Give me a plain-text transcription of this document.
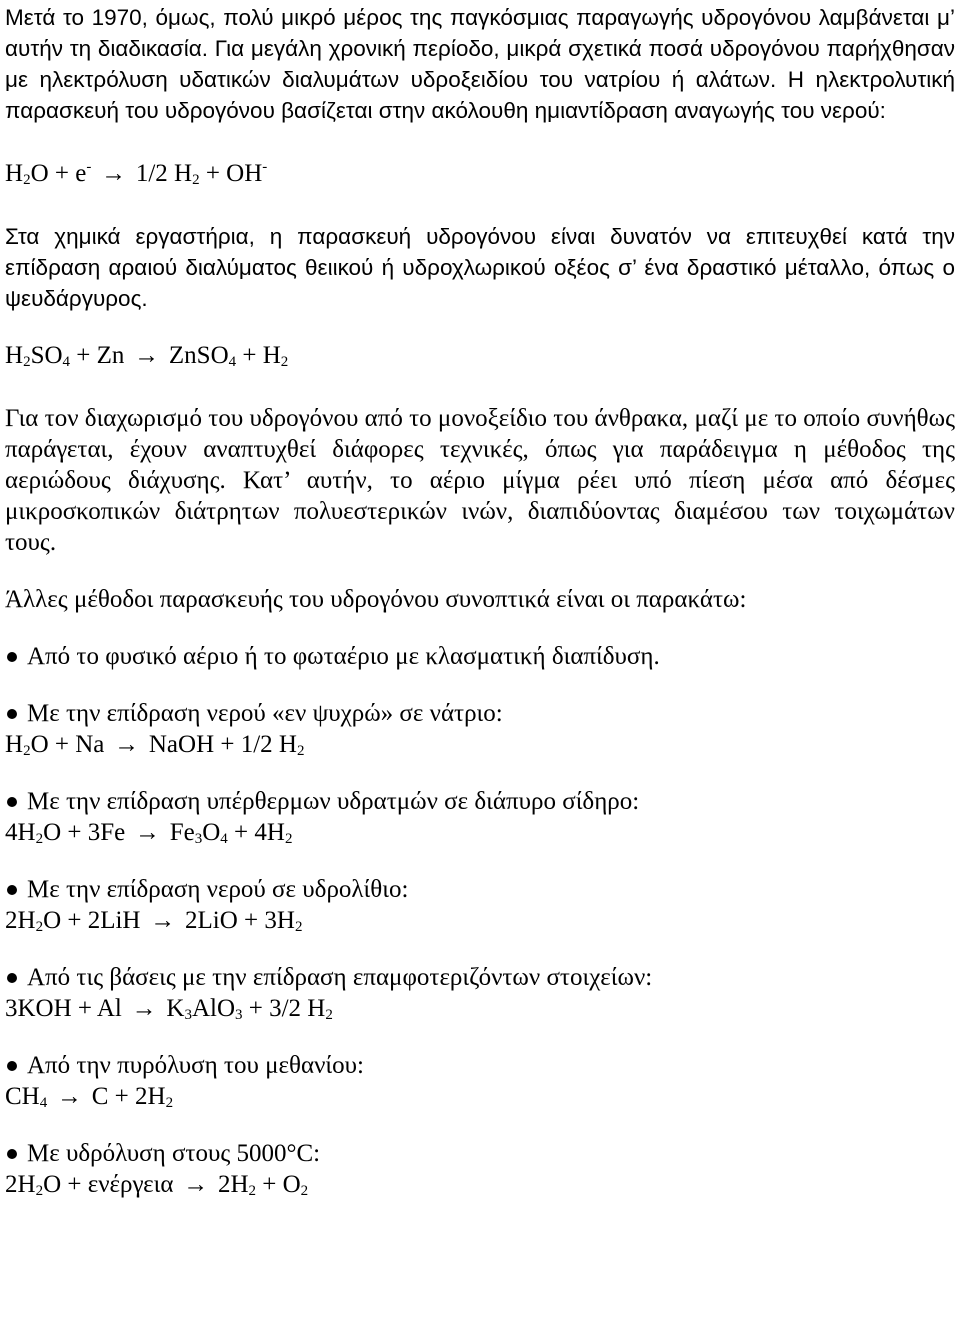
Μετά το 1970, όμως, πολύ μικρό μέρος της παγκόσμιας παραγωγής υδρογόνου λαμβάνεται μ’ αυτήν τη διαδικασία. Για μεγάλη χρονική περίοδο, μικρά σχετικά ποσά υδρογόνου παρήχθησαν με ηλεκτρόλυση υδατικών διαλυμάτων υδροξειδίου του νατρίου ή αλάτων. Η ηλεκτρολυτική παρασκευή του υδρογόνου βασίζεται στην ακόλουθη ημιαντίδραση αναγωγής του νερού:

$H_2O + e^- \to 1/2$ $H_2 + OH^-$

Στα χημικά εργαστήρια, η παρασκευή υδρογόνου είναι δυνατόν να επιτευχθεί κατά την επίδραση αραιού διαλύματος θειικού ή υδροχλωρικού οξέος σ’ ένα δραστικό μέταλλο, όπως ο ψευδάργυρος.

$H_2SO_4 + Zn$ → ZnSO$_4$ + $H_2$

Για τον διαχωρισμό του υδρογόνου από το μονοξείδιο του άνθρακα, μαζί με το οποίο συνήθως παράγεται, έχουν αναπτυχθεί διάφορες τεχνικές, όπως για παράδειγμα η μέθοδος της αεριώδους διάχυσης. Κατ’ αυτήν, το αέριο μίγμα ρέει υπό πίεση μέσα από δέσμες μικροσκοπικών διάτρητων πολυεστερικών ινών, διαπιδύοντας διαμέσου των τοιχωμάτων τους.

Άλλες μέθοδοι παρασκευής του υδρογόνου συνοπτικά είναι οι παρακάτω:

Από το φυσικό αέριο ή το φωταέριο με κλασματική διαπίδυση.

Με την επίδραση νερού «εν ψυχρώ» σε νάτριο:

$H_2O + Na$ → NaOH + 1/2 $H_2$

Με την επίδραση υπέρθερμων υδρατμών σε διάπυρο σίδηρο:

$4H_2O + 3Fe \to Fe_3O_4 + 4H_2$

Με την επίδραση νερού σε υδρολίθιο:

$2H_2O + 2LiH \to 2LiO + 3H_2$

Από τις βάσεις με την επίδραση επαμφοτεριζόντων στοιχείων:

$3KOH + Al \to K_3AlO_3 + 3/2$ $H_2$

Από την πυρόλυση του μεθανίου:

$CH_4 \to C + 2H_2$

Με υδρόλυση στους 5000°C:

$2H_2O + \varepsilon\nu έ\rho\gamma\varepsilon\iota\alpha \to 2H_2 + O_2$
